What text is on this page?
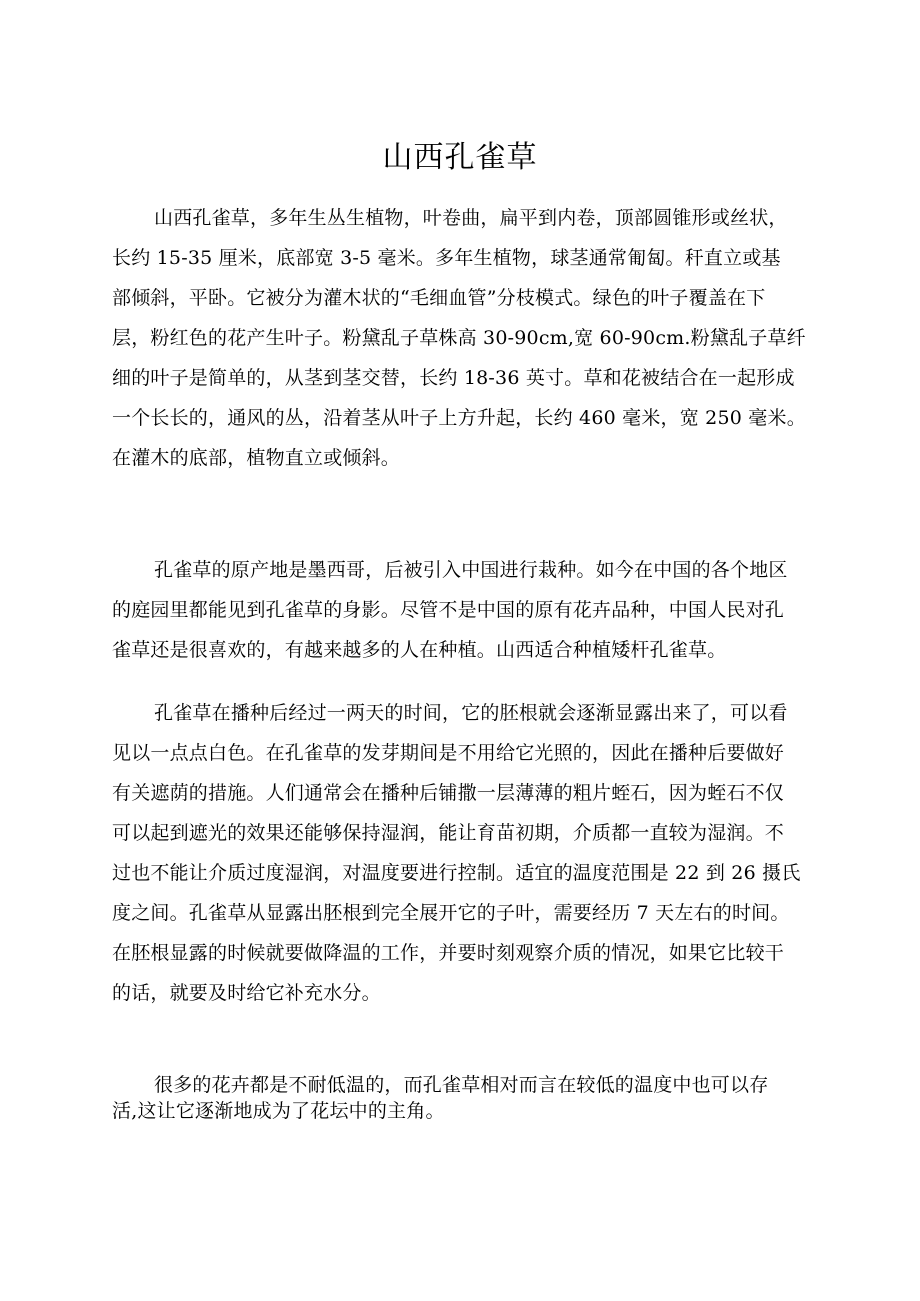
山西孔雀草
山西孔雀草，多年生丛生植物，叶卷曲，扁平到内卷，顶部圆锥形或丝状，
长约 15-35 厘米，底部宽 3-5 毫米。多年生植物，球茎通常匍匐。秆直立或基
部倾斜，平卧。它被分为灌木状的“毛细血管”分枝模式。绿色的叶子覆盖在下
层，粉红色的花产生叶子。粉黛乱子草株高 30-90cm,宽 60-90cm.粉黛乱子草纤
细的叶子是简单的，从茎到茎交替，长约 18-36 英寸。草和花被结合在一起形成
一个长长的，通风的丛，沿着茎从叶子上方升起，长约 460 毫米，宽 250 毫米。
在灌木的底部，植物直立或倾斜。
孔雀草的原产地是墨西哥，后被引入中国进行栽种。如今在中国的各个地区
的庭园里都能见到孔雀草的身影。尽管不是中国的原有花卉品种，中国人民对孔
雀草还是很喜欢的，有越来越多的人在种植。山西适合种植矮杆孔雀草。
孔雀草在播种后经过一两天的时间，它的胚根就会逐渐显露出来了，可以看
见以一点点白色。在孔雀草的发芽期间是不用给它光照的，因此在播种后要做好
有关遮荫的措施。人们通常会在播种后铺撒一层薄薄的粗片蛭石，因为蛭石不仅
可以起到遮光的效果还能够保持湿润，能让育苗初期，介质都一直较为湿润。不
过也不能让介质过度湿润，对温度要进行控制。适宜的温度范围是 22 到 26 摄氏
度之间。孔雀草从显露出胚根到完全展开它的子叶，需要经历 7 天左右的时间。
在胚根显露的时候就要做降温的工作，并要时刻观察介质的情况，如果它比较干
的话，就要及时给它补充水分。
很多的花卉都是不耐低温的，而孔雀草相对而言在较低的温度中也可以存
活,这让它逐渐地成为了花坛中的主角。
